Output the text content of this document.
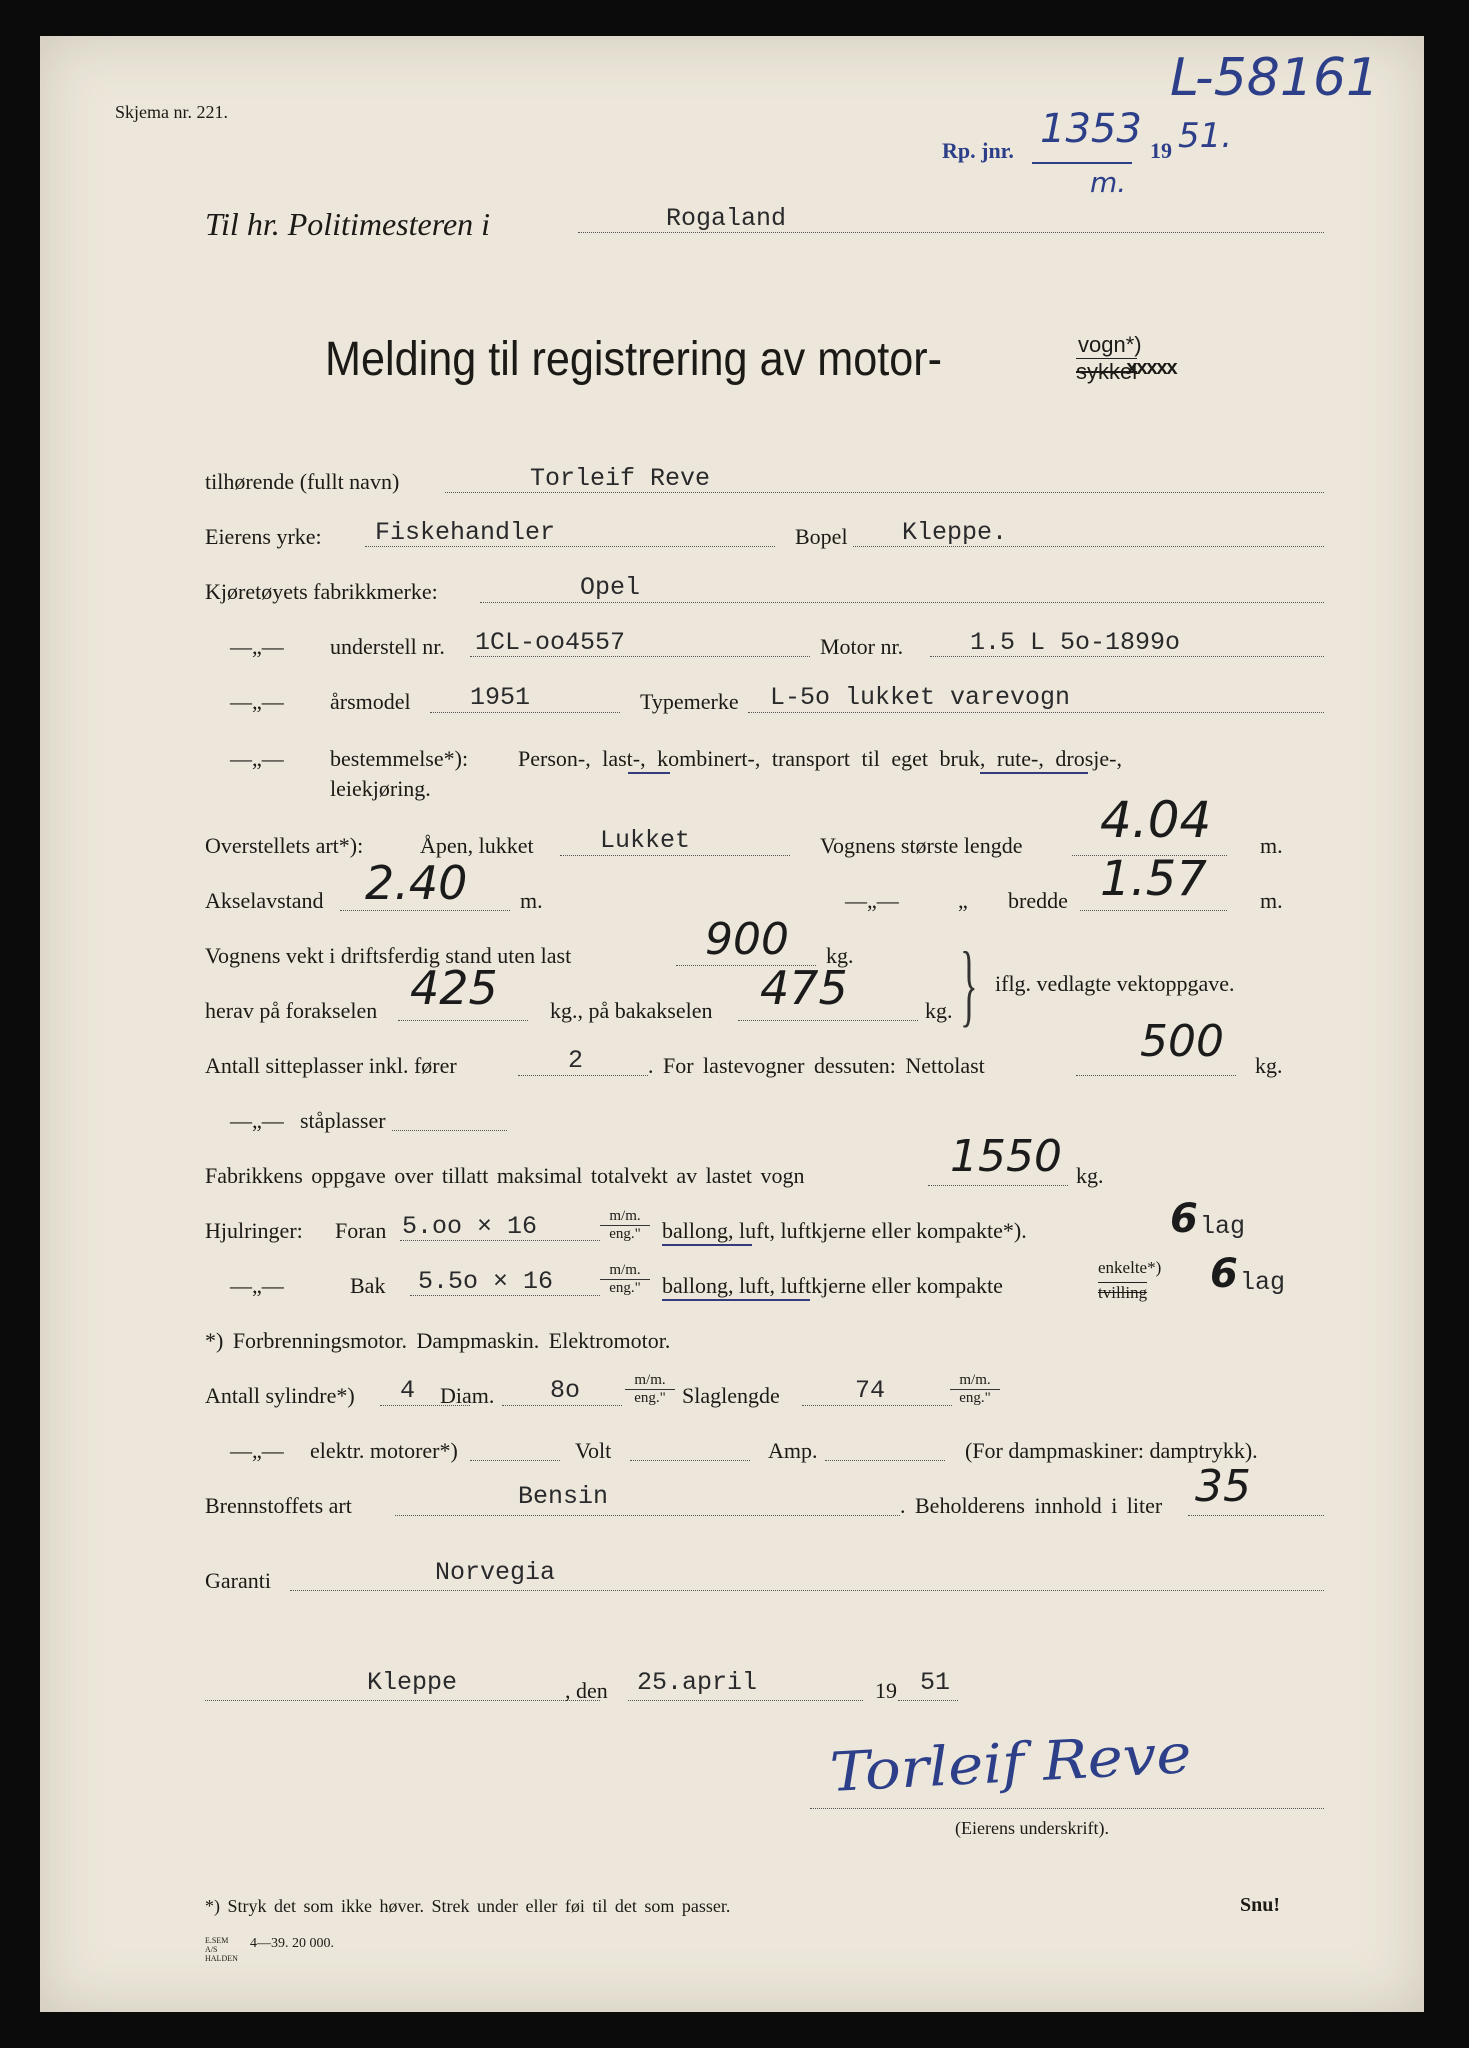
Skjema nr. 221.
L-58161
Rp. jnr. 1353 19 51.
m.
Til hr. Politimesteren i	Rogaland
Melding til registrering av motor-	vogn*)
sykkel
xxxxx
tilhørende (fullt navn)	Torleif Reve
Eierens yrke: Fiskehandler	Bopel Kleppe.
Kjøretøyets fabrikkmerke:	Opel
—„— understell nr. 1CL-oo4557	Motor nr.	1.5 L 5o-1899o
—„— årsmodel 1951	Typemerke L-5o lukket varevogn
—„— bestemmelse*): Person-, last-, kombinert-, transport til eget bruk, rute-, drosje-,
leiekjøring.
Overstellets art*):	Åpen, lukket	Lukket	Vognens største lengde 4.04 m.
Akselavstand 2.40 m.	—„—	„ bredde 1.57 m.
Vognens vekt i driftsferdig stand uten last	900 kg.
herav på forakselen 425 kg., på bakakselen 475	kg. } iflg. vedlagte vektoppgave.
Antall sitteplasser inkl. fører	2	. For lastevogner dessuten: Nettolast	500 kg.
—„— ståplasser
Fabrikkens oppgave over tillatt maksimal totalvekt av lastet vogn	1550 kg.
Hjulringer: Foran 5.oo × 16	m/m.
eng." ballong, luft, luftkjerne eller kompakte*).	6 lag
—„—	Bak 5.5o × 16	m/m.
eng." ballong, luft, luftkjerne eller kompakte
enkelte*)
tvilling 6 lag
*) Forbrenningsmotor. Dampmaskin. Elektromotor.
Antall sylindre*) 4 Diam. 8o	m/m.
eng." Slaglengde	74	m/m.
eng."
—„— elektr. motorer*)	Volt	Amp.	(For dampmaskiner: damptrykk).
Brennstoffets art	Bensin	. Beholderens innhold i liter 35
Garanti	Norvegia
Kleppe	, den 25.april	19 51
Torleif Reve
(Eierens underskrift).
*) Stryk det som ikke høver. Strek under eller føi til det som passer.	Snu!
E.SEM A/S HALDEN
4—39. 20 000.
